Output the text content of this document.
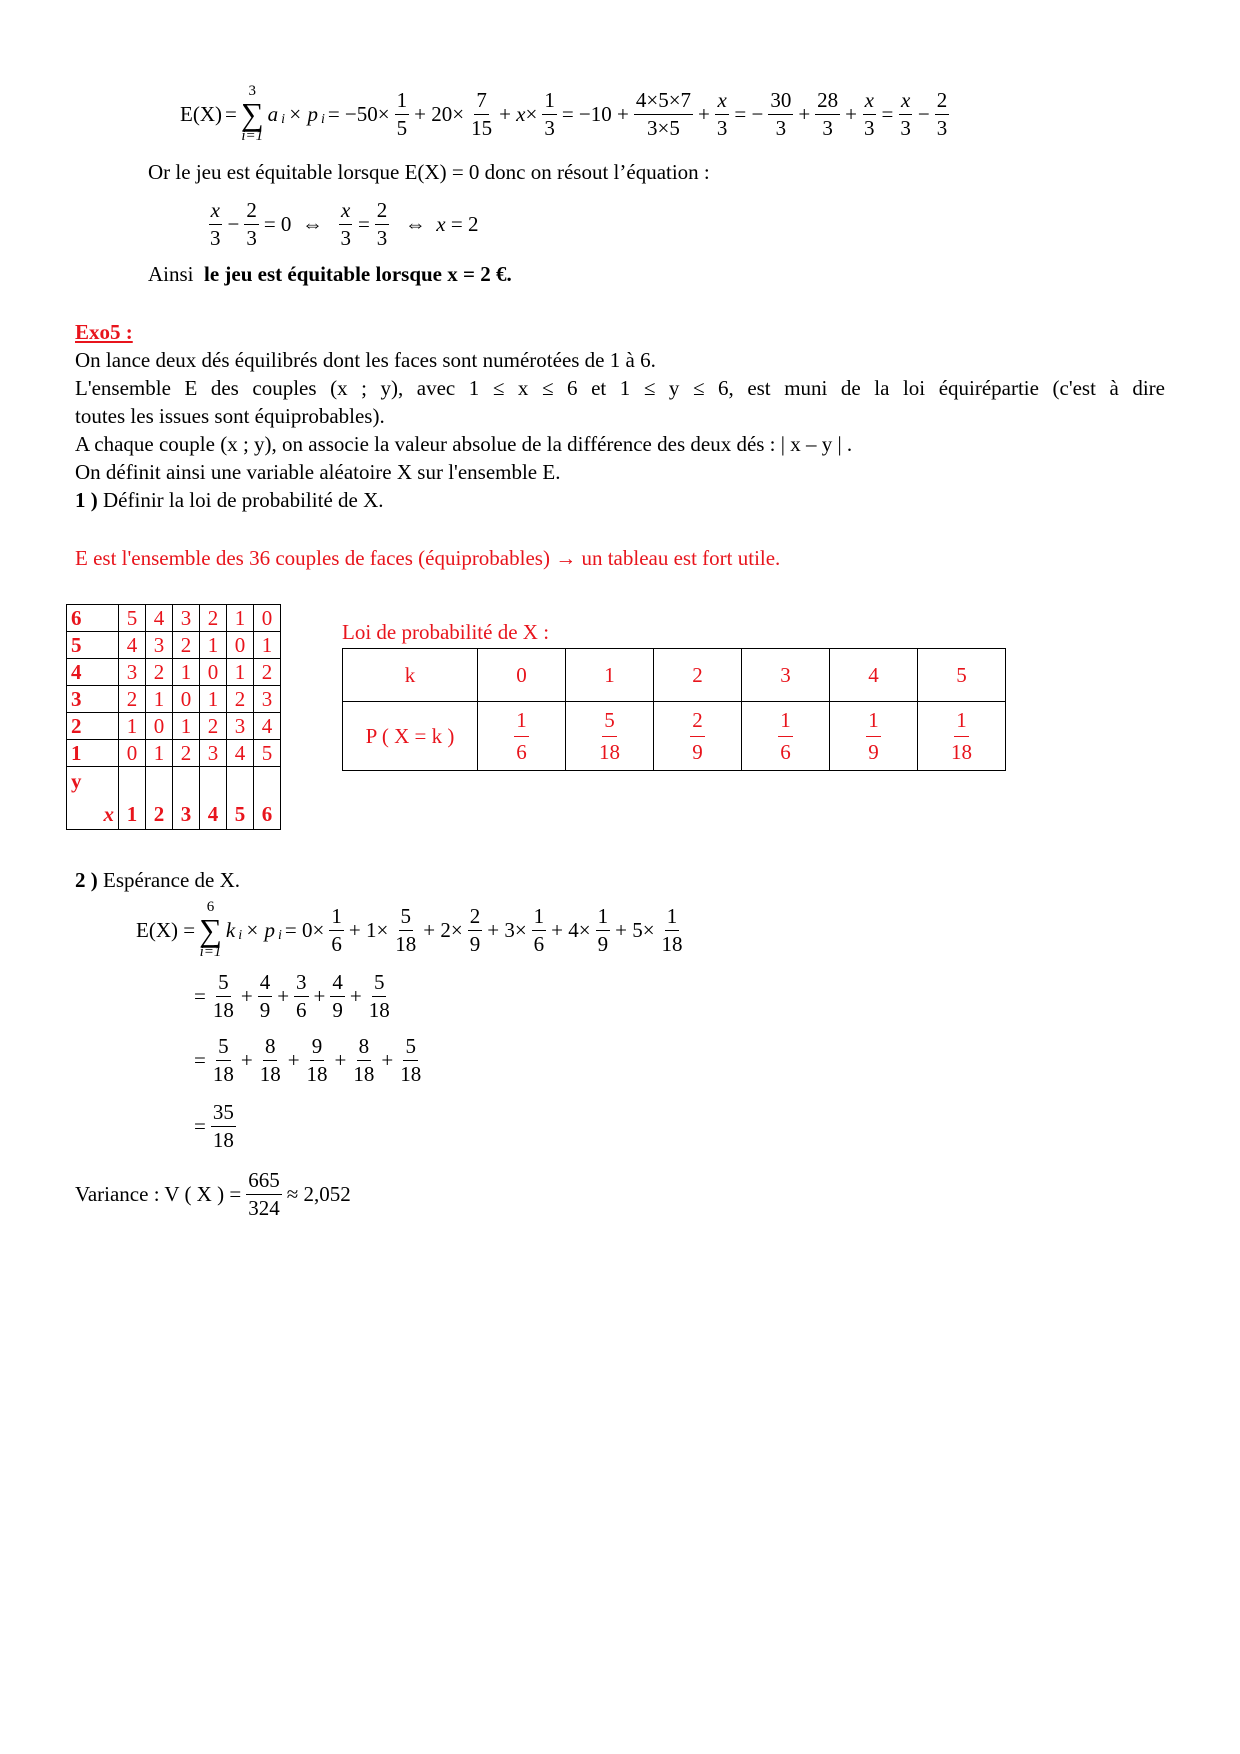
E(X) =
3
∑
i=1
a i × p $i = -50\times \frac{1}{5} + 20\times \frac{7}{15} + x\times \frac{1}{3} = -10 + \frac{4\times 5\times 7}{3\times 5} + \frac{x}{3}$ = − $\frac{30}{3} + \frac{28}{3} + \frac{x}{3} = \frac{x}{3} - \frac{2}{3}$
Or le jeu est équitable lorsque E(X) = 0 donc on résout l’équation :
x
3
− $\frac{2}{3} = 0$  ⇔ $\frac{x}{3} = \frac{2}{3}$ ⇔  x = 2
Ainsi le jeu est équitable lorsque x = 2 €.
Exo5 :
On lance deux dés équilibrés dont les faces sont numérotées de 1 à 6.
L'ensemble E des couples (x ; y), avec 1 ≤ x ≤ 6 et 1 ≤ y ≤ 6, est muni de la loi équirépartie (c'est à dire
toutes les issues sont équiprobables).
A chaque couple (x ; y), on associe la valeur absolue de la différence des deux dés : | x – y | .
On définit ainsi une variable aléatoire X sur l'ensemble E.
1 ) Définir la loi de probabilité de X.
E est l'ensemble des 36 couples de faces (équiprobables) → un tableau est fort utile.
6	5	4	3	2	1	0
5	4	3	2	1	0	1
4	3	2	1	0	1	2
3	2	1	0	1	2	3
2	1	0	1	2	3	4
1	0	1	2	3	4	5

y
x	1	2	3	4	5	6
Loi de probabilité de X :
k	0	1	2	3	4	5
P ( X = k )	$\frac{1}{6}$	$\frac{5}{18}$	$\frac{2}{9}$	$\frac{1}{6}$	$\frac{1}{9}$	$\frac{1}{18}$
2 ) Espérance de X.
E(X) =
6
∑
i=1
k i × p $i = 0\times \frac{1}{6} + 1\times \frac{5}{18} + 2\times \frac{2}{9} + 3\times \frac{1}{6} + 4\times \frac{1}{9} + 5\times \frac{1}{18}$
= $\frac{5}{18} + \frac{4}{9} + \frac{3}{6} + \frac{4}{9} + \frac{5}{18}$
= $\frac{5}{18} + \frac{8}{18} + \frac{9}{18} + \frac{8}{18} + \frac{5}{18}$
= $\frac{35}{18}$
Variance : V ( X ) = $\frac{665}{324} \approx 2,052$
